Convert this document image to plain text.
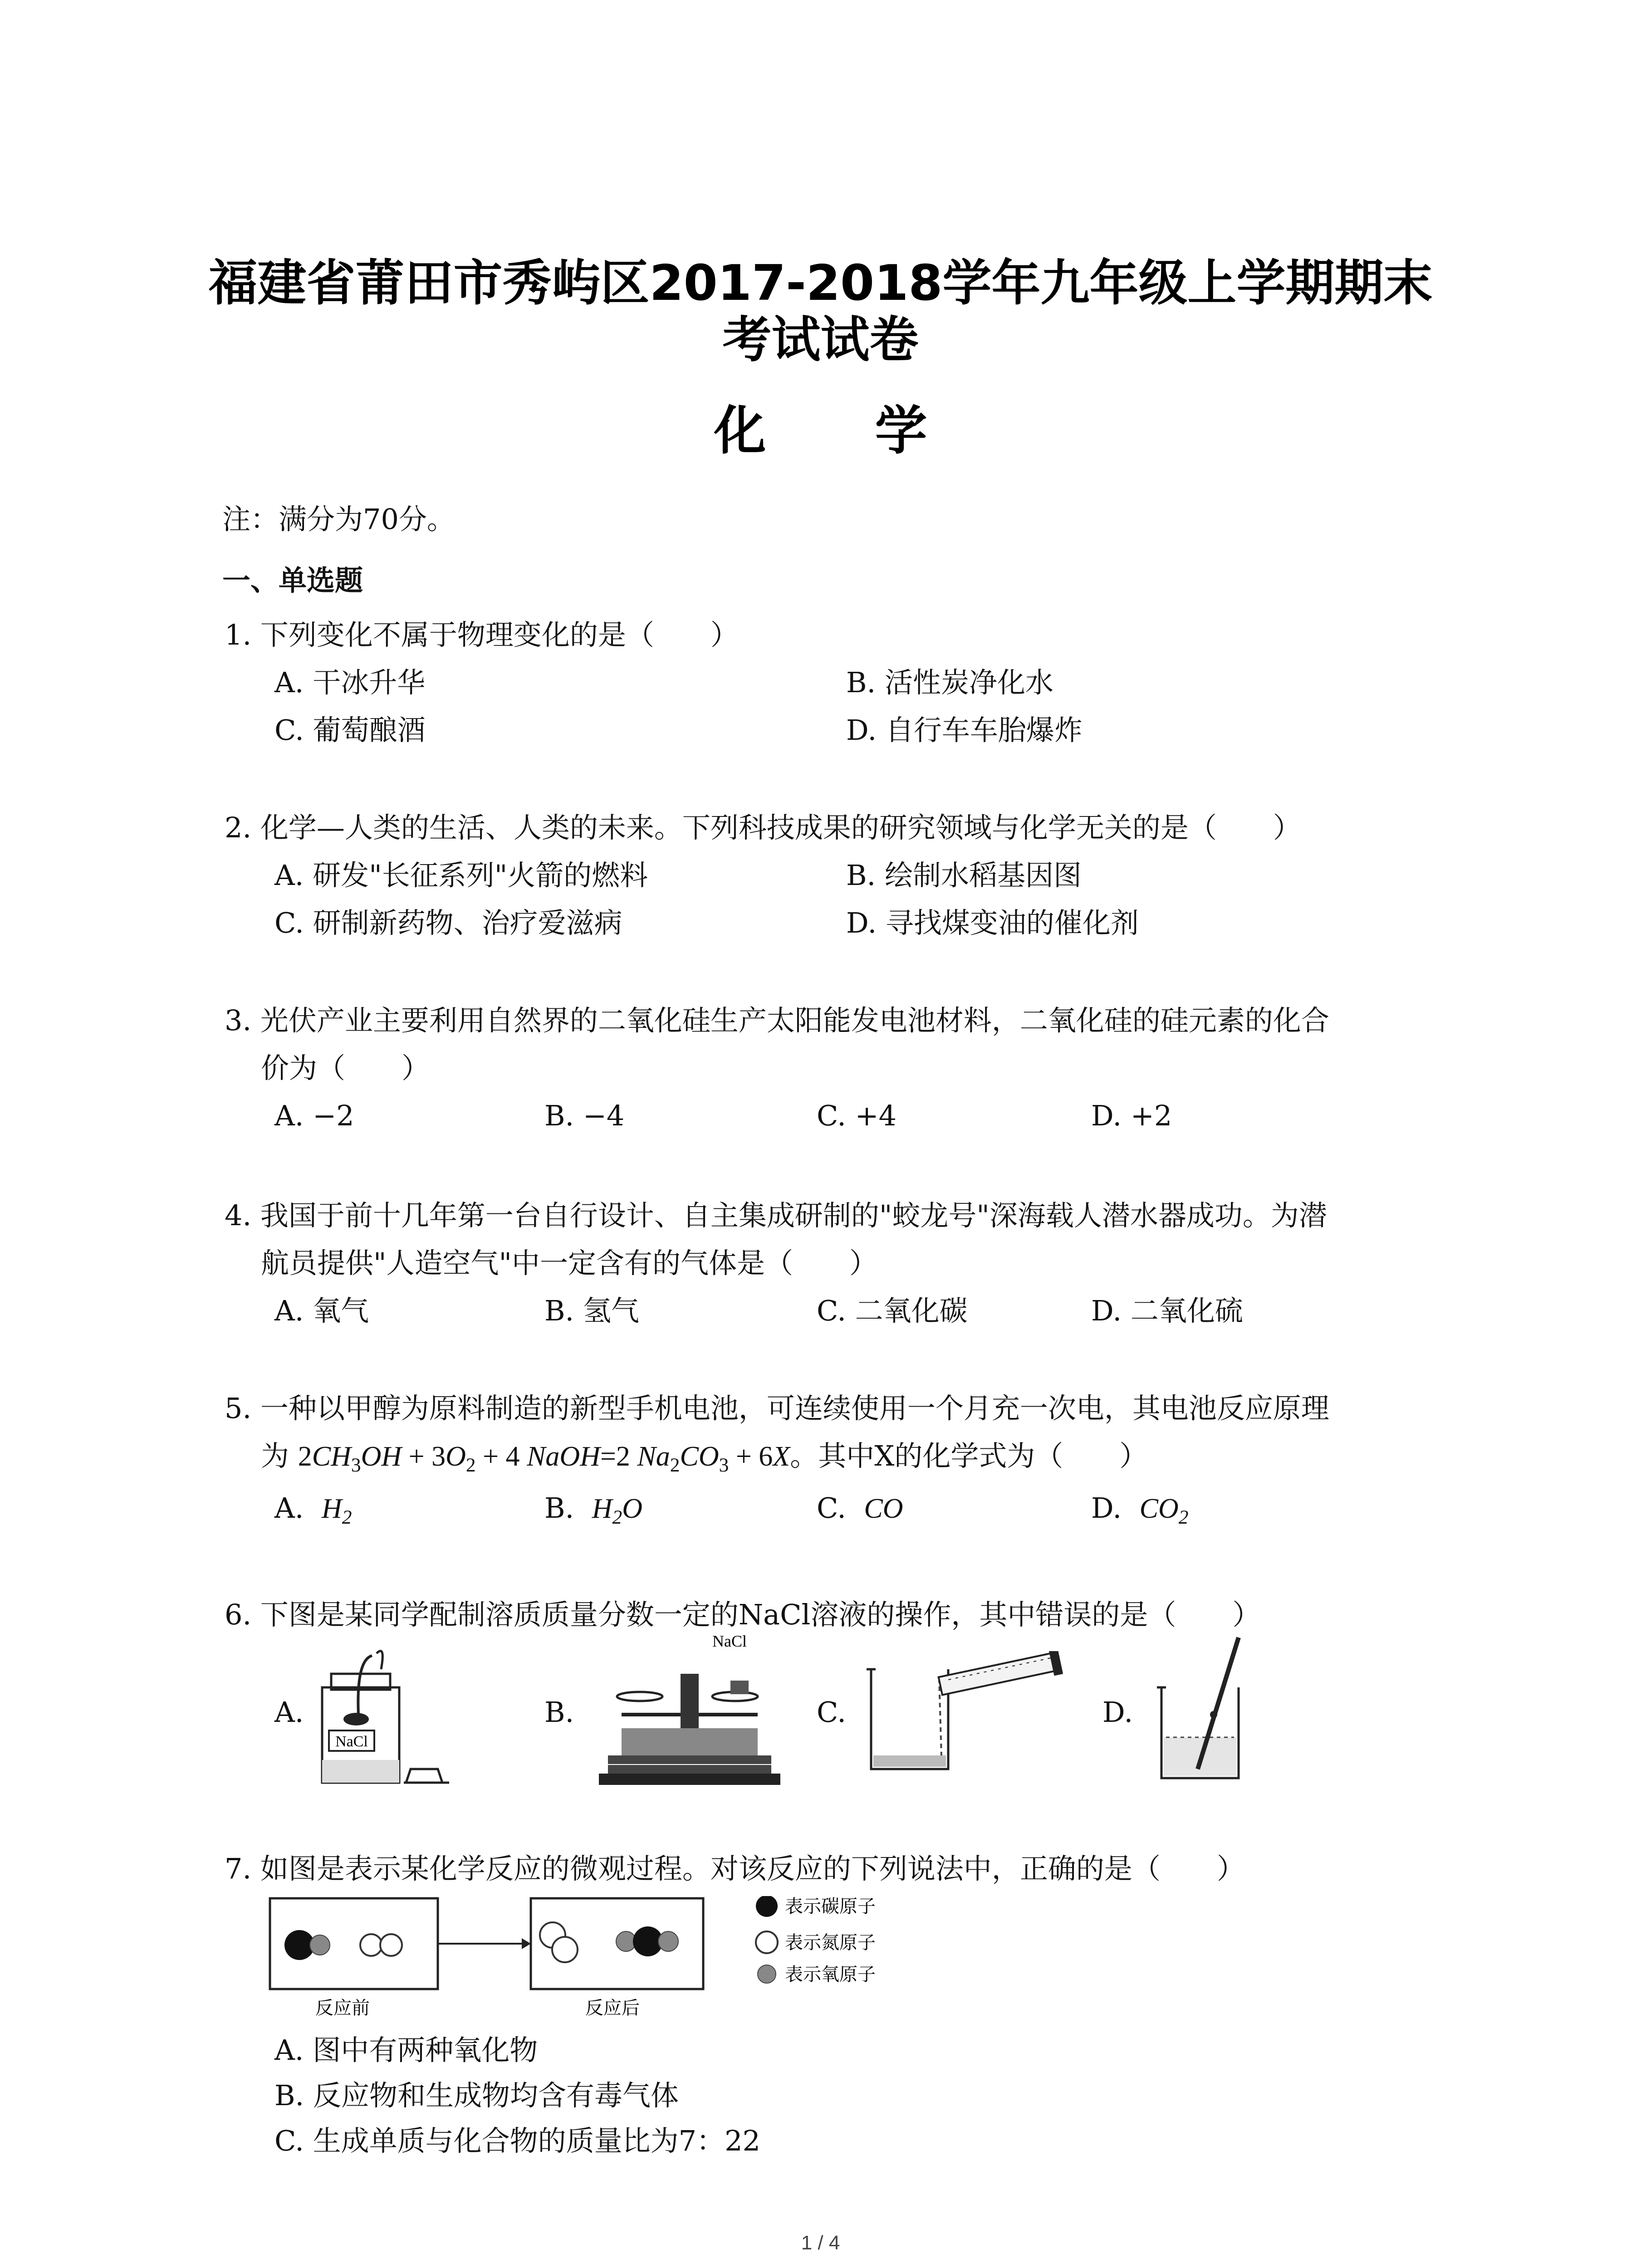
福建省莆田市秀屿区2017-2018学年九年级上学期期末
考试试卷
化 学
注：满分为70分。
一、单选题
1. 下列变化不属于物理变化的是（　　）
A. 干冰升华	B. 活性炭净化水
C. 葡萄酿酒	D. 自行车车胎爆炸
2. 化学—人类的生活、人类的未来。下列科技成果的研究领域与化学无关的是（　　）
A. 研发"长征系列"火箭的燃料	B. 绘制水稻基因图
C. 研制新药物、治疗爱滋病	D. 寻找煤变油的催化剂
3. 光伏产业主要利用自然界的二氧化硅生产太阳能发电池材料，二氧化硅的硅元素的化合
价为（　　）
A. −2	B. −4	C. +4	D. +2
4. 我国于前十几年第一台自行设计、自主集成研制的"蛟龙号"深海载人潜水器成功。为潜
航员提供"人造空气"中一定含有的气体是（　　）
A. 氧气	B. 氢气	C. 二氧化碳	D. 二氧化硫
5. 一种以甲醇为原料制造的新型手机电池，可连续使用一个月充一次电，其电池反应原理
为 $2CH_3OH + 3O_2 + 4$ NaOH=2 $Na_2CO_3 + 6X$。其中X的化学式为（　　）
A. $H_2$	B. $H_2O$	C. CO	D. $CO_2$
6. 下图是某同学配制溶质质量分数一定的NaCl溶液的操作，其中错误的是（　　）
A.	B.	C.	D.
NaCl
NaCl
7. 如图是表示某化学反应的微观过程。对该反应的下列说法中，正确的是（　　）
反应前	反应后
表示碳原子
表示氮原子
表示氧原子
A. 图中有两种氧化物
B. 反应物和生成物均含有毒气体
C. 生成单质与化合物的质量比为7：22
1 / 4
